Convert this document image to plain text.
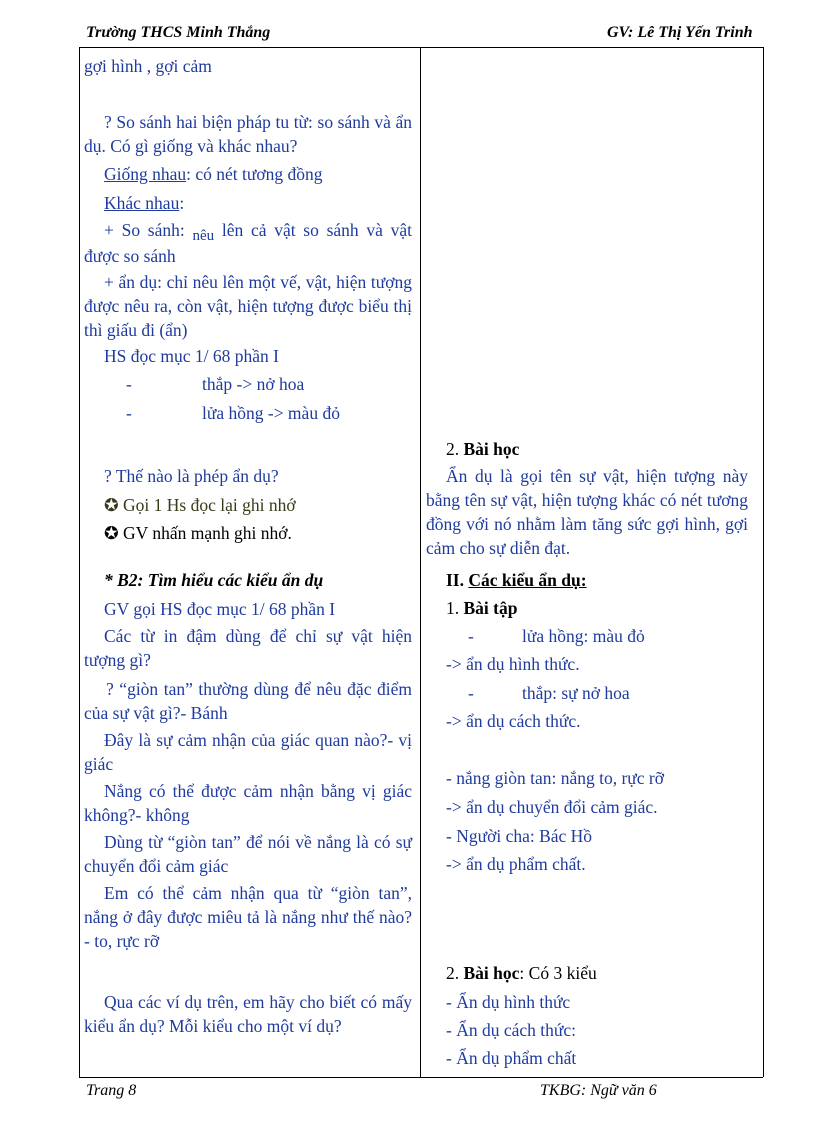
Trường THCS Minh Thắng	GV: Lê Thị Yến Trinh
Trang 8	TKBG: Ngữ văn 6
gợi hình , gợi cảm
? So sánh hai biện pháp tu từ: so sánh và ẩn dụ. Có gì giống và khác nhau?
Giống nhau: có nét tương đồng
Khác nhau:
+ So sánh: nêu lên cả vật so sánh và vật được so sánh
+ ẩn dụ: chỉ nêu lên một vế, vật, hiện tượng được nêu ra, còn vật, hiện tượng được biểu thị thì giấu đi (ẩn)
HS đọc mục 1/ 68 phần I
-	thắp -> nở hoa
-	lửa hồng -> màu đỏ
? Thế nào là phép ẩn dụ?
✪ Gọi 1 Hs đọc lại ghi nhớ
✪ GV nhấn mạnh ghi nhớ.
* B2: Tìm hiểu các kiểu ẩn dụ
GV gọi HS đọc mục 1/ 68 phần I
Các từ in đậm dùng để chỉ sự vật hiện tượng gì?
? “giòn tan” thường dùng để nêu đặc điểm của sự vật gì?- Bánh
Đây là sự cảm nhận của giác quan nào?- vị giác
Nắng có thể được cảm nhận bằng vị giác không?- không
Dùng từ “giòn tan” để nói về nắng là có sự chuyển đổi cảm giác
Em có thể cảm nhận qua từ “giòn tan”, nắng ở đây được miêu tả là nắng như thế nào?- to, rực rỡ
Qua các ví dụ trên, em hãy cho biết có mấy kiểu ẩn dụ? Mỗi kiểu cho một ví dụ?
2. Bài học
Ẩn dụ là gọi tên sự vật, hiện tượng này bằng tên sự vật, hiện tượng khác có nét tương đồng với nó nhằm làm tăng sức gợi hình, gợi cảm cho sự diễn đạt.
II. Các kiểu ẩn dụ:
1. Bài tập
-	lửa hồng: màu đỏ
-> ẩn dụ hình thức.
-	thắp: sự nở hoa
-> ẩn dụ cách thức.
- nắng giòn tan: nắng to, rực rỡ
-> ẩn dụ chuyển đổi cảm giác.
- Người cha: Bác Hồ
-> ẩn dụ phẩm chất.
2. Bài học: Có 3 kiểu
- Ẩn dụ hình thức
- Ẩn dụ cách thức:
- Ẩn dụ phẩm chất
